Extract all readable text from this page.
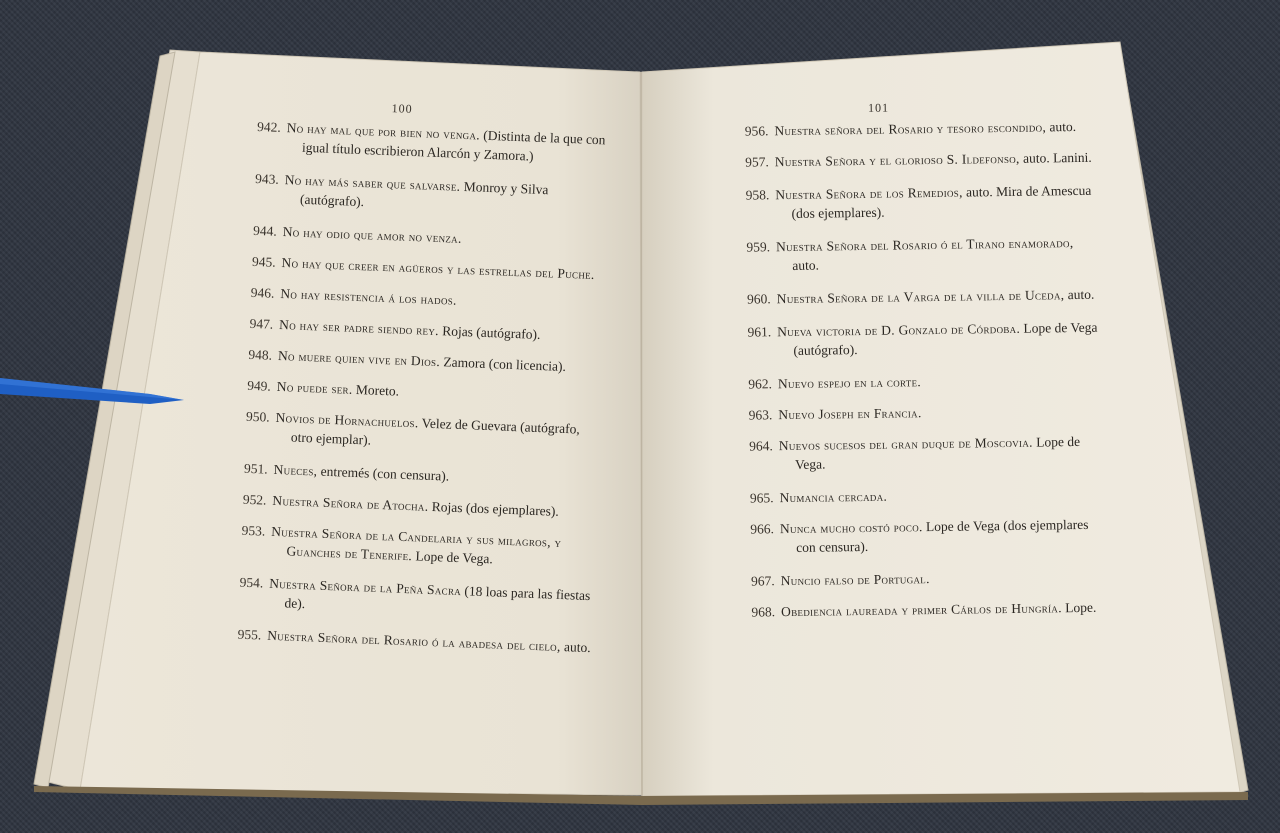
100
942. No hay mal que por bien no venga. (Distinta de la que con igual título escribieron Alarcón y Zamora.)
943. No hay más saber que salvarse. Monroy y Silva (autógrafo).
944. No hay odio que amor no venza.
945. No hay que creer en agüeros y las estrellas del Puche.
946. No hay resistencia á los hados.
947. No hay ser padre siendo rey. Rojas (autógrafo).
948. No muere quien vive en Dios. Zamora (con licencia).
949. No puede ser. Moreto.
950. Novios de Hornachuelos. Velez de Guevara (autógrafo, otro ejemplar).
951. Nueces, entremés (con censura).
952. Nuestra Señora de Atocha. Rojas (dos ejemplares).
953. Nuestra Señora de la Candelaria y sus milagros, y Guanches de Tenerife. Lope de Vega.
954. Nuestra Señora de la Peña Sacra (18 loas para las fiestas de).
955. Nuestra Señora del Rosario ó la abadesa del cielo, auto.
101
956. Nuestra señora del Rosario y tesoro escondido, auto.
957. Nuestra Señora y el glorioso S. Ildefonso, auto. Lanini.
958. Nuestra Señora de los Remedios, auto. Mira de Amescua (dos ejemplares).
959. Nuestra Señora del Rosario ó el Tirano enamorado, auto.
960. Nuestra Señora de la Varga de la villa de Uceda, auto.
961. Nueva victoria de D. Gonzalo de Córdoba. Lope de Vega (autógrafo).
962. Nuevo espejo en la corte.
963. Nuevo Joseph en Francia.
964. Nuevos sucesos del gran duque de Moscovia. Lope de Vega.
965. Numancia cercada.
966. Nunca mucho costó poco. Lope de Vega (dos ejemplares con censura).
967. Nuncio falso de Portugal.
968. Obediencia laureada y primer Cárlos de Hungría. Lope.
